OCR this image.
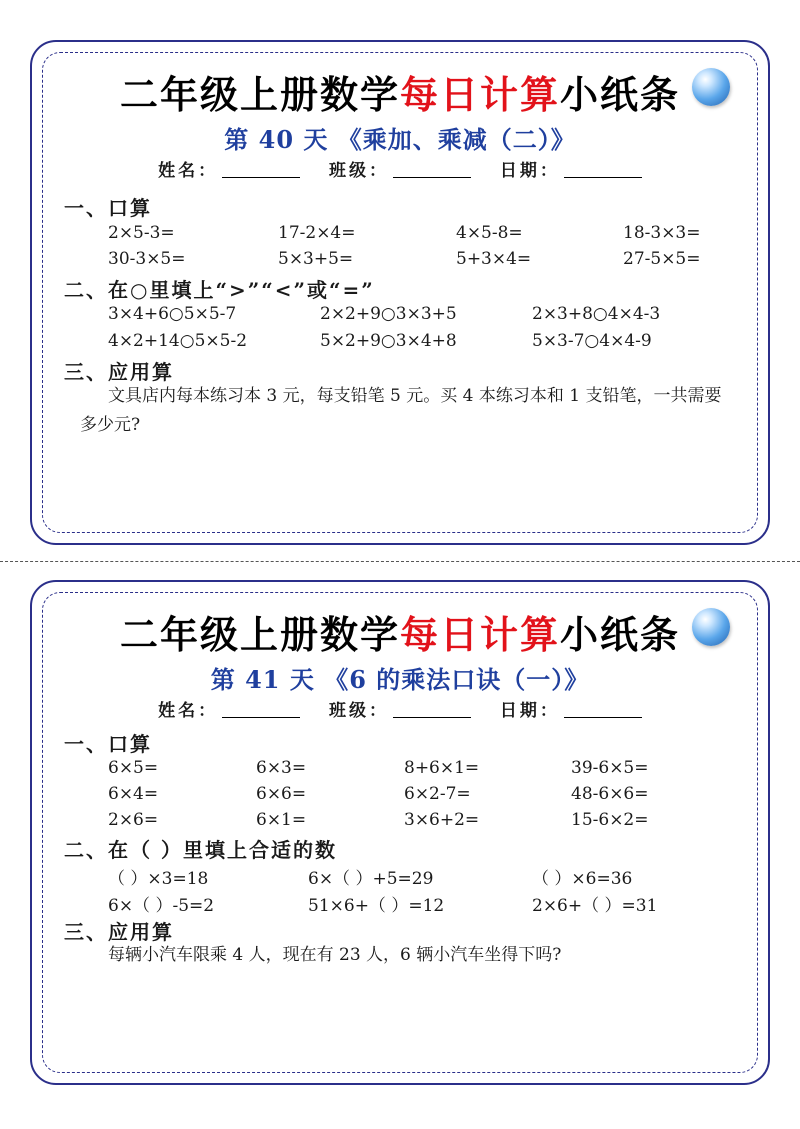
二年级上册数学每日计算小纸条
第 40 天 《乘加、乘减（二）》
姓名：	班级：	日期：
一、口算
2×5-3=	17-2×4=	4×5-8=	18-3×3=
30-3×5=	5×3+5=	5+3×4=	27-5×5=
二、在○里填上“>”“<”或“=”
3×4+6○5×5-7	2×2+9○3×3+5	2×3+8○4×4-3
4×2+14○5×5-2	5×2+9○3×4+8	5×3-7○4×4-9
三、应用算
文具店内每本练习本 3 元，每支铅笔 5 元。买 4 本练习本和 1 支铅笔，一共需要多少元?
二年级上册数学每日计算小纸条
第 41 天 《6 的乘法口诀（一）》
姓名：	班级：	日期：
一、口算
6×5=	6×3=	8+6×1=	39-6×5=
6×4=	6×6=	6×2-7=	48-6×6=
2×6=	6×1=	3×6+2=	15-6×2=
二、在（ ）里填上合适的数
（ ）×3=18	6×（ ）+5=29	（ ）×6=36
6×（ ）-5=2	51×6+（ ）=12	2×6+（ ）=31
三、应用算
每辆小汽车限乘 4 人，现在有 23 人，6 辆小汽车坐得下吗?
